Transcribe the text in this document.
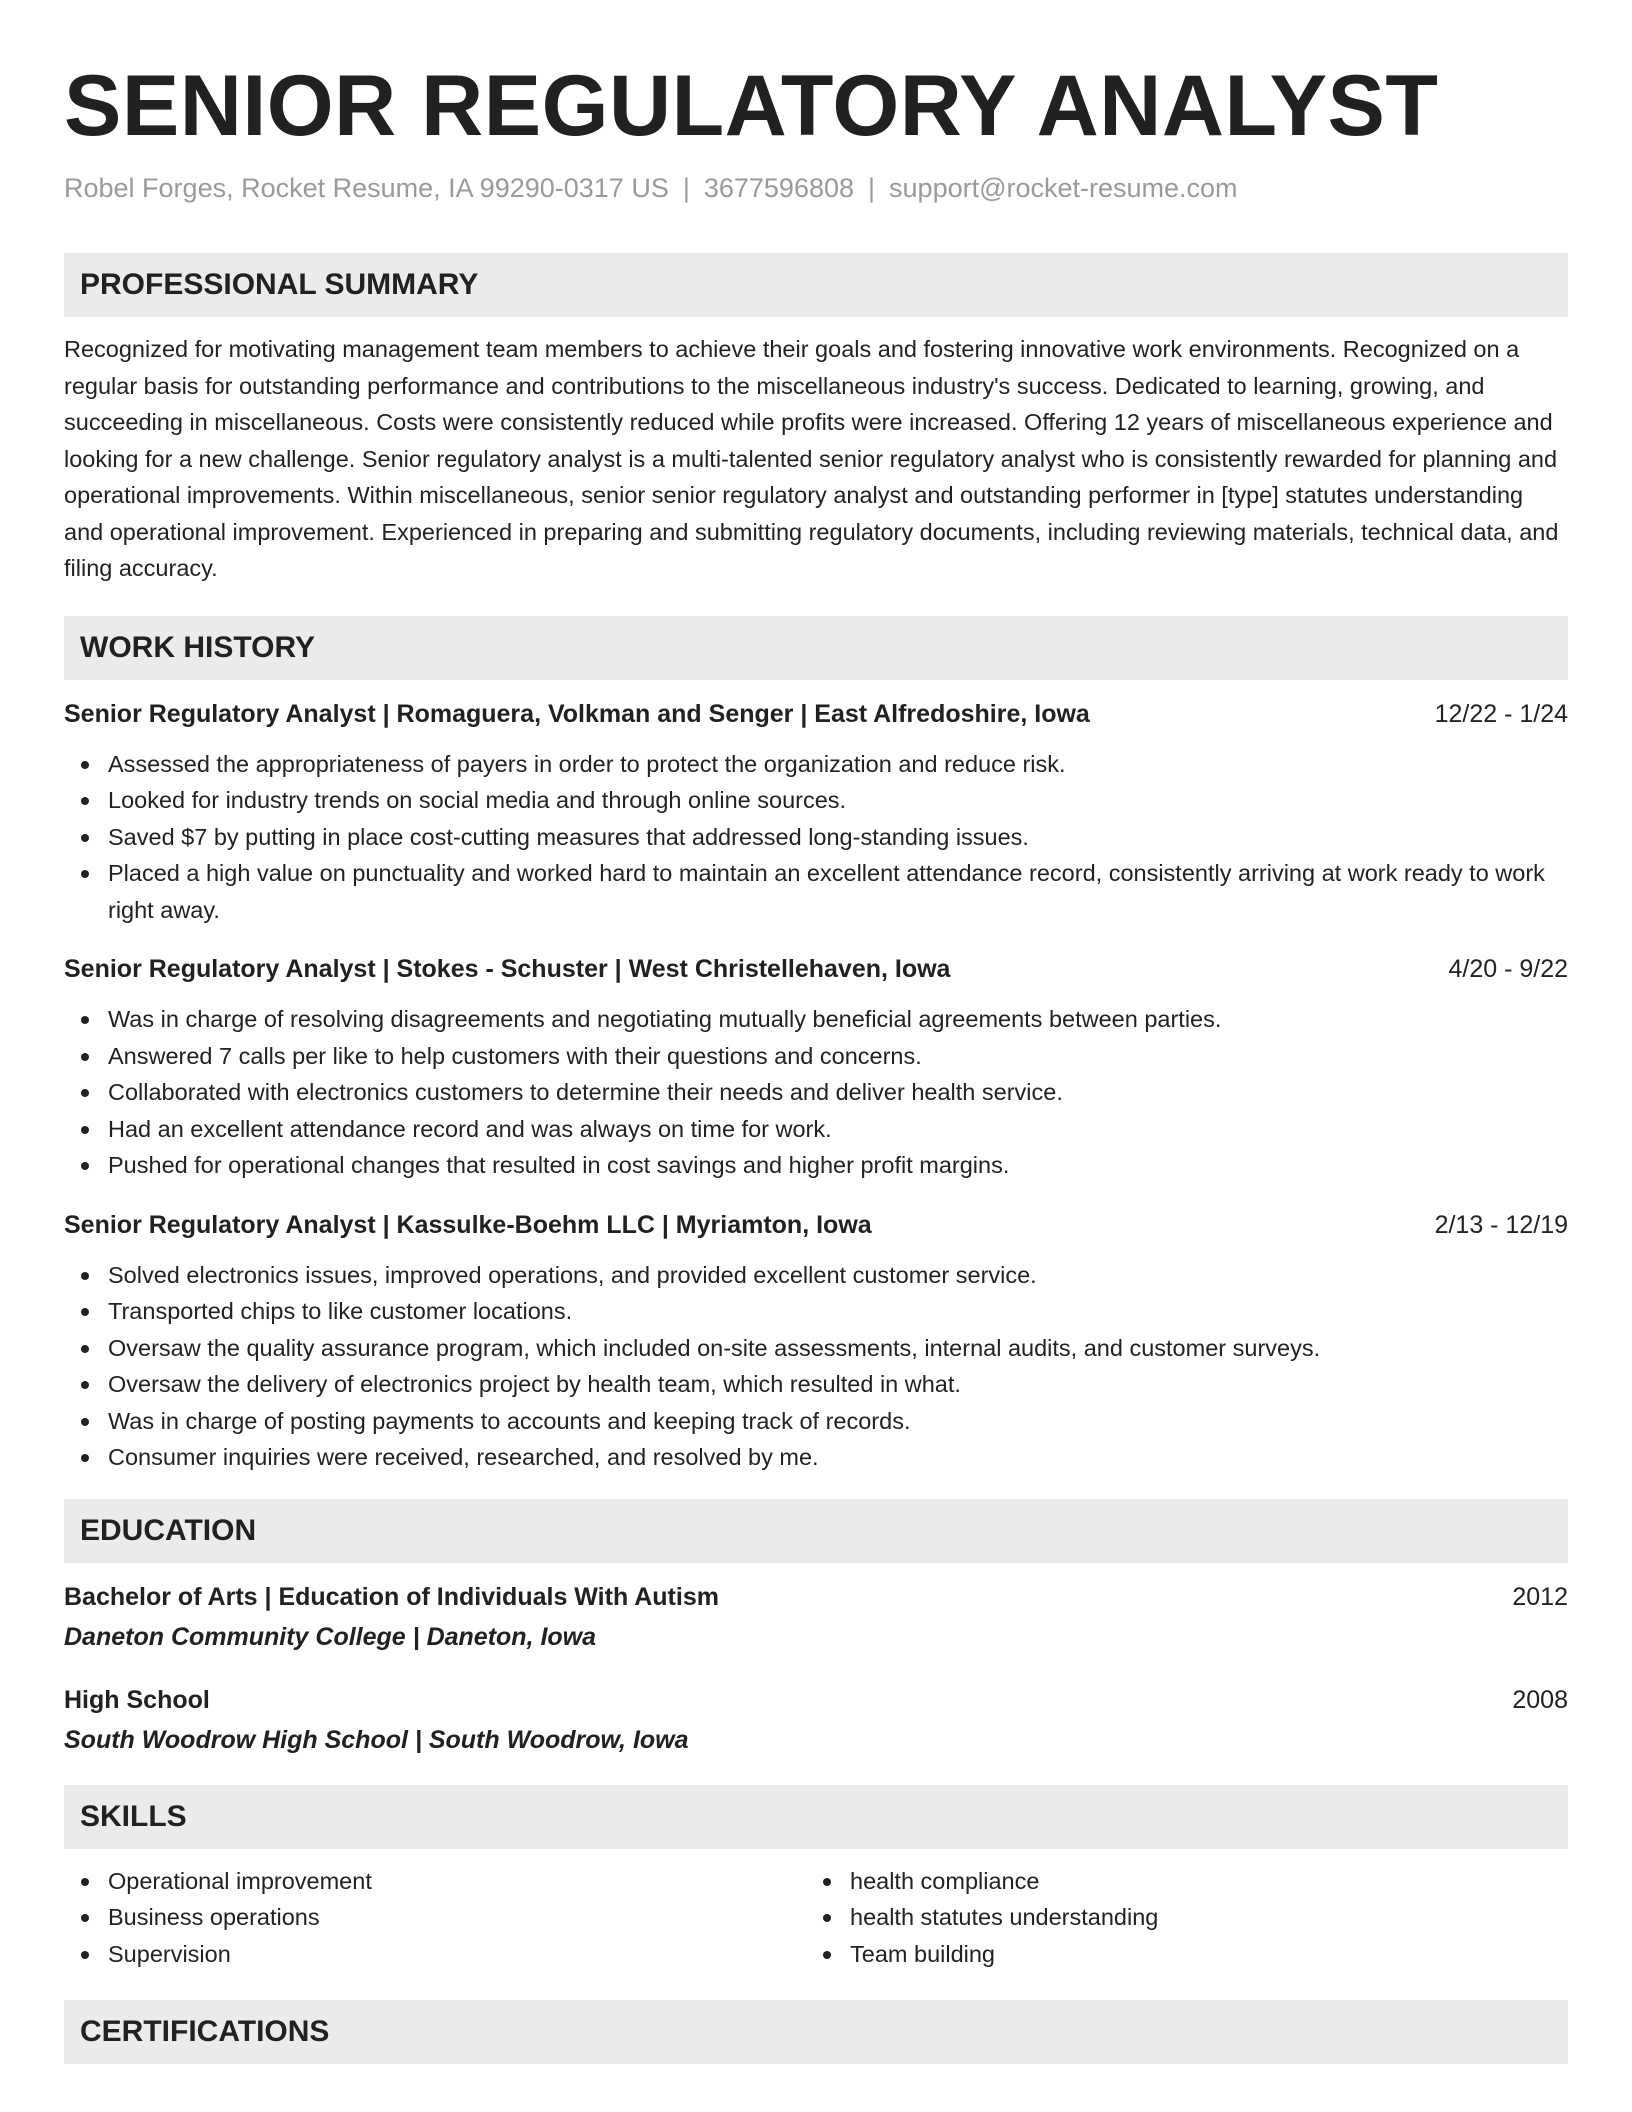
SENIOR REGULATORY ANALYST
Robel Forges, Rocket Resume, IA 99290-0317 US | 3677596808 | support@rocket-resume.com
PROFESSIONAL SUMMARY

Recognized for motivating management team members to achieve their goals and fostering innovative work environments. Recognized on a regular basis for outstanding performance and contributions to the miscellaneous industry's success. Dedicated to learning, growing, and succeeding in miscellaneous. Costs were consistently reduced while profits were increased. Offering 12 years of miscellaneous experience and looking for a new challenge. Senior regulatory analyst is a multi-talented senior regulatory analyst who is consistently rewarded for planning and operational improvements. Within miscellaneous, senior senior regulatory analyst and outstanding performer in [type] statutes understanding and operational improvement. Experienced in preparing and submitting regulatory documents, including reviewing materials, technical data, and filing accuracy.

WORK HISTORY
Senior Regulatory Analyst | Romaguera, Volkman and Senger | East Alfredoshire, Iowa	12/22 - 1/24
Assessed the appropriateness of payers in order to protect the organization and reduce risk.
Looked for industry trends on social media and through online sources.
Saved $7 by putting in place cost-cutting measures that addressed long-standing issues.
Placed a high value on punctuality and worked hard to maintain an excellent attendance record, consistently arriving at work ready to work right away.
Senior Regulatory Analyst | Stokes - Schuster | West Christellehaven, Iowa	4/20 - 9/22
Was in charge of resolving disagreements and negotiating mutually beneficial agreements between parties.
Answered 7 calls per like to help customers with their questions and concerns.
Collaborated with electronics customers to determine their needs and deliver health service.
Had an excellent attendance record and was always on time for work.
Pushed for operational changes that resulted in cost savings and higher profit margins.
Senior Regulatory Analyst | Kassulke-Boehm LLC | Myriamton, Iowa	2/13 - 12/19
Solved electronics issues, improved operations, and provided excellent customer service.
Transported chips to like customer locations.
Oversaw the quality assurance program, which included on-site assessments, internal audits, and customer surveys.
Oversaw the delivery of electronics project by health team, which resulted in what.
Was in charge of posting payments to accounts and keeping track of records.
Consumer inquiries were received, researched, and resolved by me.
EDUCATION
Bachelor of Arts | Education of Individuals With Autism	2012
Daneton Community College | Daneton, Iowa
High School	2008
South Woodrow High School | South Woodrow, Iowa
SKILLS
Operational improvement
Business operations
Supervision
health compliance
health statutes understanding
Team building
CERTIFICATIONS
